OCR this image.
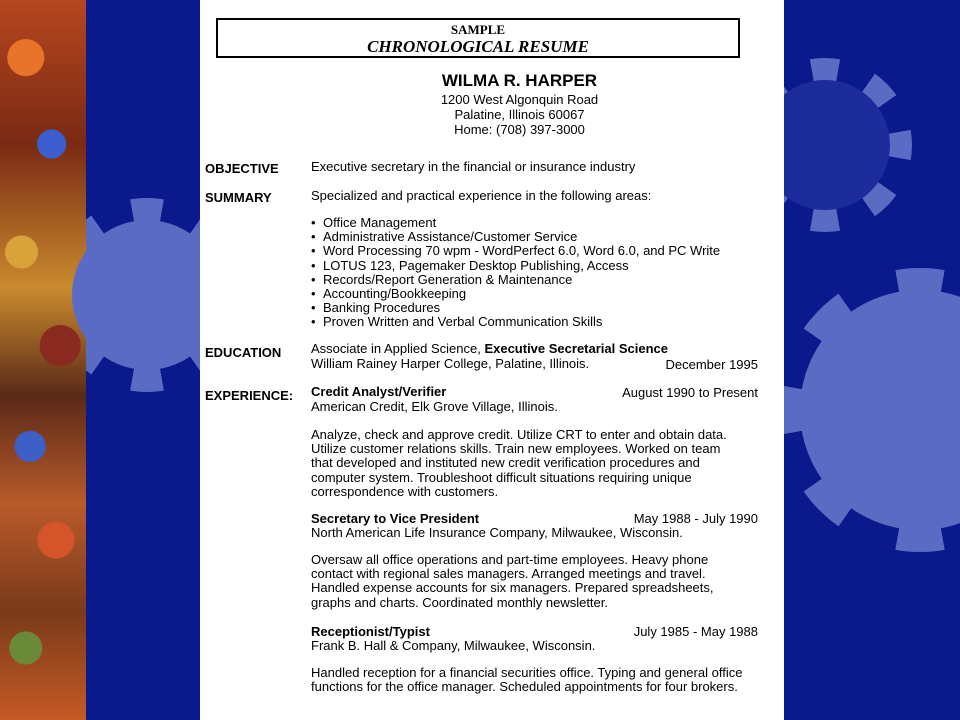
SAMPLE
CHRONOLOGICAL RESUME
WILMA R. HARPER
1200 West Algonquin Road
Palatine, Illinois 60067
Home: (708) 397-3000
OBJECTIVE Executive secretary in the financial or insurance industry
SUMMARY	Specialized and practical experience in the following areas:
• Office Management
• Administrative Assistance/Customer Service
• Word Processing 70 wpm - WordPerfect 6.0, Word 6.0, and PC Write
• LOTUS 123, Pagemaker Desktop Publishing, Access
• Records/Report Generation & Maintenance
• Accounting/Bookkeeping
• Banking Procedures
• Proven Written and Verbal Communication Skills
EDUCATION Associate in Applied Science, Executive Secretarial Science
William Rainey Harper College, Palatine, Illinois.	December 1995
EXPERIENCE: Credit Analyst/Verifier	August 1990 to Present
American Credit, Elk Grove Village, Illinois.
Analyze, check and approve credit. Utilize CRT to enter and obtain data.
Utilize customer relations skills. Train new employees. Worked on team
that developed and instituted new credit verification procedures and
computer system. Troubleshoot difficult situations requiring unique
correspondence with customers.
Secretary to Vice President	May 1988 - July 1990
North American Life Insurance Company, Milwaukee, Wisconsin.
Oversaw all office operations and part-time employees. Heavy phone
contact with regional sales managers. Arranged meetings and travel.
Handled expense accounts for six managers. Prepared spreadsheets,
graphs and charts. Coordinated monthly newsletter.
Receptionist/Typist	July 1985 - May 1988
Frank B. Hall & Company, Milwaukee, Wisconsin.
Handled reception for a financial securities office. Typing and general office
functions for the office manager. Scheduled appointments for four brokers.
